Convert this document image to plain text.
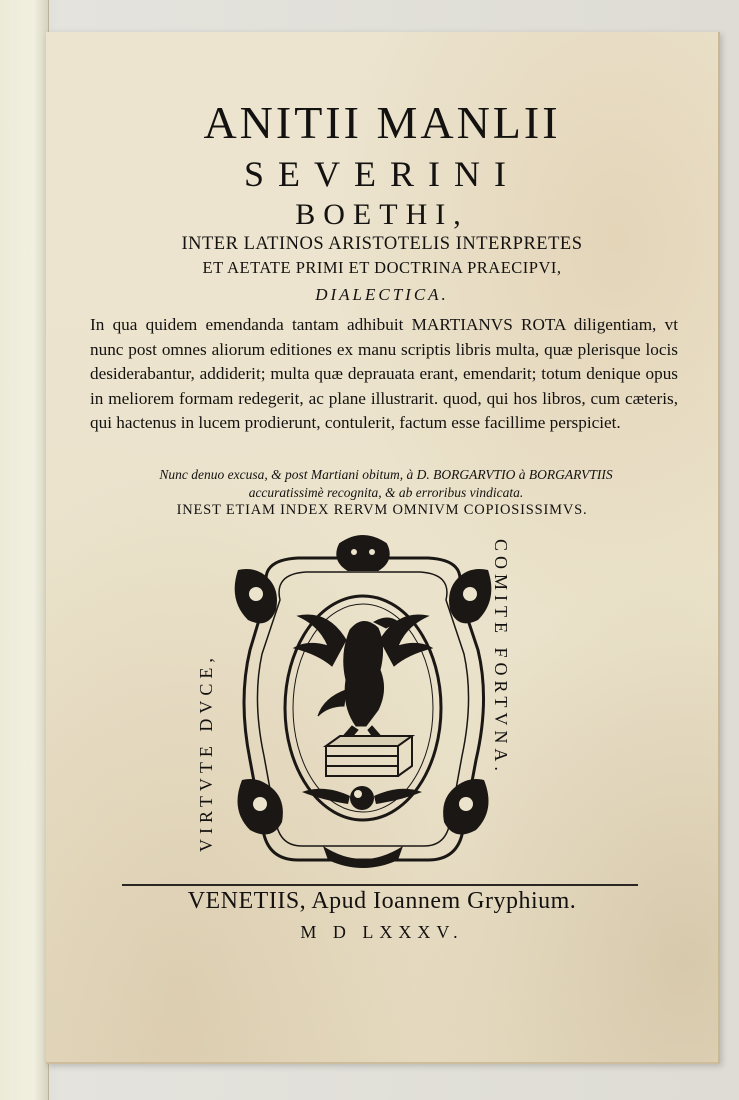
ANITII MANLII
SEVERINI
BOETHI,
INTER LATINOS ARISTOTELIS INTERPRETES
ET AETATE PRIMI ET DOCTRINA PRAECIPVI,
DIALECTICA.
In qua quidem emendanda tantam adhibuit MARTIANVS ROTA diligentiam, vt nunc post omnes aliorum editiones ex manu scriptis libris multa, quæ plerisque locis desiderabantur, addiderit; multa quæ deprauata erant, emendarit; totum denique opus in meliorem formam redegerit, ac plane illustrarit. quod, qui hos libros, cum cæteris, qui hactenus in lucem prodierunt, contulerit, factum esse facillime perspiciet.
Nunc denuo excusa, & post Martiani obitum, à D. BORGARVTIO à BORGARVTIIS
accuratissimè recognita, & ab erroribus vindicata.
INEST ETIAM INDEX RERVM OMNIVM COPIOSISSIMVS.
VIRTVTE DVCE,	COMITE FORTVNA.
VENETIIS, Apud Ioannem Gryphium.
M D LXXXV.
